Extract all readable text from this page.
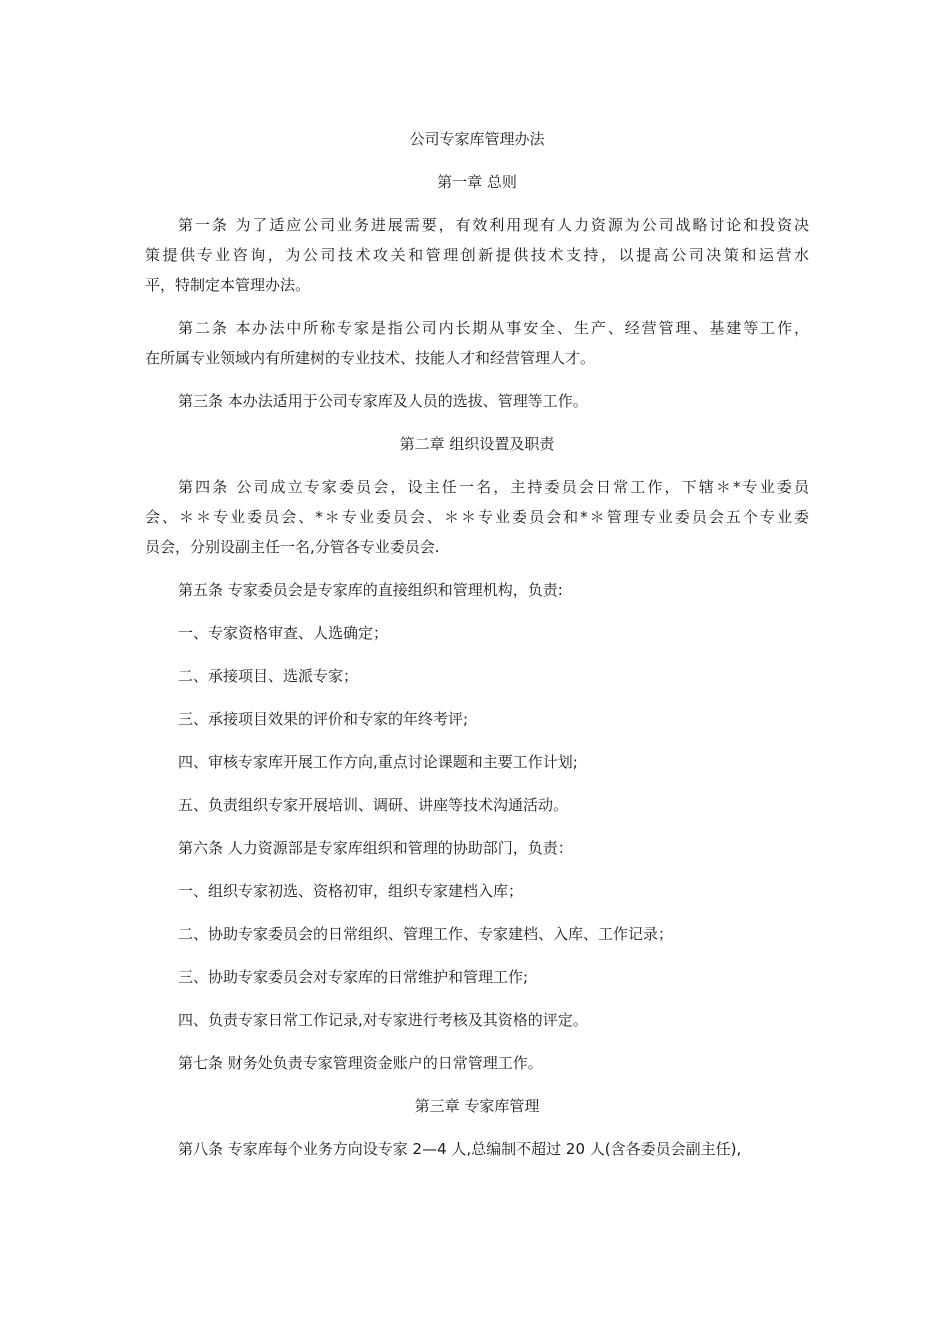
公司专家库管理办法
第一章 总则

第一条 为了适应公司业务进展需要，有效利用现有人力资源为公司战略讨论和投资决

策提供专业咨询，为公司技术攻关和管理创新提供技术支持，以提高公司决策和运营水

平，特制定本管理办法。

第二条 本办法中所称专家是指公司内长期从事安全、生产、经营管理、基建等工作，

在所属专业领域内有所建树的专业技术、技能人才和经营管理人才。

第三条 本办法适用于公司专家库及人员的选拔、管理等工作。
第二章 组织设置及职责

第四条 公司成立专家委员会，设主任一名，主持委员会日常工作，下辖＊*专业委员

会、＊＊专业委员会、*＊专业委员会、＊＊专业委员会和*＊管理专业委员会五个专业委

员会，分别设副主任一名,分管各专业委员会.

第五条 专家委员会是专家库的直接组织和管理机构，负责:
一、专家资格审查、人选确定；
二、承接项目、选派专家；
三、承接项目效果的评价和专家的年终考评;
四、审核专家库开展工作方向,重点讨论课题和主要工作计划;
五、负责组织专家开展培训、调研、讲座等技术沟通活动。
第六条 人力资源部是专家库组织和管理的协助部门，负责：
一、组织专家初选、资格初审，组织专家建档入库；
二、协助专家委员会的日常组织、管理工作、专家建档、入库、工作记录；
三、协助专家委员会对专家库的日常维护和管理工作;
四、负责专家日常工作记录,对专家进行考核及其资格的评定。
第七条 财务处负责专家管理资金账户的日常管理工作。
第三章 专家库管理
第八条 专家库每个业务方向设专家 2—4 人,总编制不超过 20 人(含各委员会副主任),
